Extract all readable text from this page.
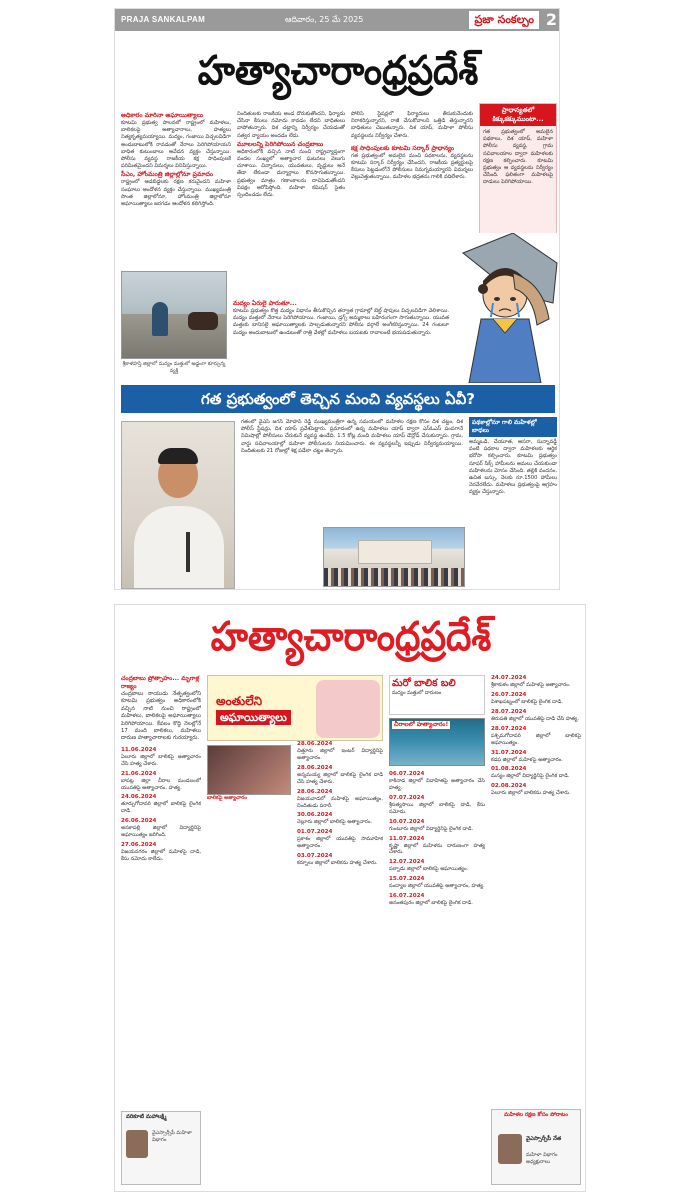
PRAJA SANKALPAM	ఆదివారం, 25 మే 2025	ప్రజా సంకల్పం 2
హత్యాచారాంధ్రప్రదేశ్
అధికారం మారినా అఘాయిత్యాలు

కూటమి ప్రభుత్వ పాలనలో రాష్ట్రంలో మహిళలు, బాలికలపై అత్యాచారాలు, హత్యలు నిత్యకృత్యమయ్యాయి. మద్యం, గంజాయి విచ్చలవిడిగా అందుబాటులోకి రావడంతో నేరాలు పెరిగిపోయాయని బాధిత కుటుంబాలు ఆవేదన వ్యక్తం చేస్తున్నాయి. పోలీసు వ్యవస్థ రాజకీయ కక్ష సాధింపులకే పరిమితమైందని విమర్శలు వినిపిస్తున్నాయి.

సీఎం, హోంమంత్రి జిల్లాల్లోనూ ప్రమాదం

రాష్ట్రంలో ఆడబిడ్డలకు రక్షణ కరువైందని మహిళా సంఘాలు ఆందోళన వ్యక్తం చేస్తున్నాయి. ముఖ్యమంత్రి సొంత జిల్లాలోనూ, హోంమంత్రి జిల్లాలోనూ అఘాయిత్యాలు జరగడం ఆందోళన కలిగిస్తోంది.

నిందితులకు రాజకీయ అండ దొరుకుతోందని, ఫిర్యాదు చేసినా కేసులు నమోదు కావడం లేదని బాధితులు వాపోతున్నారు. దిశ చట్టాన్ని నిర్వీర్యం చేయడంతో సత్వర న్యాయం అందడం లేదు.

మూలలన్ని పెరిగిపోయిన చంద్రబాబు

అధికారంలోకి వచ్చిన నాటి నుంచి రాష్ట్రవ్యాప్తంగా వందల సంఖ్యలో అత్యాచార ఘటనలు వెలుగు చూశాయి. చిన్నారులు, యువతులు, వృద్ధులు అనే తేడా లేకుండా దుర్మార్గాలు కొనసాగుతున్నాయి. ప్రభుత్వం మాత్రం గణాంకాలను దాచిపెడుతోందని విపక్షం ఆరోపిస్తోంది. మహిళా కమిషన్ సైతం స్పందించడం లేదు.

పోలీస్ స్టేషన్లలో ఫిర్యాదులు తీసుకునేందుకు నిరాకరిస్తున్నారని, రాజీ చేసుకోవాలని ఒత్తిడి తెస్తున్నారని బాధితులు చెబుతున్నారు. దిశ యాప్, మహిళా పోలీసు వ్యవస్థలను నిర్వీర్యం చేశారు.

కక్ష సాధింపులకు కూటమి సర్కార్ ప్రాధాన్యం

గత ప్రభుత్వంలో అమలైన మంచి పథకాలను, వ్యవస్థలను కూటమి సర్కార్ నిర్వీర్యం చేసిందని, రాజకీయ ప్రత్యర్థులపై కేసులు పెట్టడంలోనే పోలీసులు నిమగ్నమయ్యారని విమర్శలు వెల్లువెత్తుతున్నాయి. మహిళల భద్రతను గాలికి వదిలేశారు.

ప్రాధాన్యతలో కిక్కుకక్కుముంటా...
గత ప్రభుత్వంలో అమలైన పథకాలు, దిశ యాప్, మహిళా పోలీసు వ్యవస్థ, గ్రామ సచివాలయాల ద్వారా మహిళలకు రక్షణ కల్పించారు. కూటమి ప్రభుత్వం ఆ వ్యవస్థలను నిర్వీర్యం చేసింది. ఫలితంగా మహిళలపై దాడులు పెరిగిపోయాయి.
శ్రీకాళహస్తి జిల్లాలో మద్యం మత్తులో అడ్డంగా కూర్చున్న వ్యక్తి
మద్యం ఏరులై పారుతూ...

కూటమి ప్రభుత్వం కొత్త మద్యం విధానం తీసుకొచ్చిన తర్వాత గ్రామాల్లో బెల్ట్ షాపులు విచ్చలవిడిగా వెలిశాయి. మద్యం మత్తులో నేరాలు పెరిగిపోయాయి. గంజాయి, డ్రగ్స్ అమ్మకాలు బహిరంగంగా సాగుతున్నాయి. యువత మత్తుకు బానిసలై అఘాయిత్యాలకు పాల్పడుతున్నారని పోలీసు వర్గాలే అంగీకరిస్తున్నాయి. 24 గంటలూ మద్యం అందుబాటులో ఉండటంతో రాత్రి వేళల్లో మహిళలు బయటకు రావాలంటే భయపడుతున్నారు.

గత ప్రభుత్వంలో తెచ్చిన మంచి వ్యవస్థలు ఏవీ?
గతంలో వైఎస్ జగన్ మోహన్ రెడ్డి ముఖ్యమంత్రిగా ఉన్న సమయంలో మహిళల రక్షణ కోసం దిశ చట్టం, దిశ పోలీస్ స్టేషన్లు, దిశ యాప్ ప్రవేశపెట్టారు. ప్రమాదంలో ఉన్న మహిళలు యాప్ ద్వారా ఎస్ఓఎస్ పంపగానే నిమిషాల్లో పోలీసులు చేరుకునే వ్యవస్థ ఉండేది. 1.5 కోట్ల మంది మహిళలు యాప్ డౌన్లోడ్ చేసుకున్నారు. గ్రామ, వార్డు సచివాలయాల్లో మహిళా పోలీసులను నియమించారు. ఈ వ్యవస్థలన్నీ ఇప్పుడు నిర్వీర్యమయ్యాయి. నిందితులకు 21 రోజుల్లో శిక్ష పడేలా చట్టం తెచ్చారు.
పథకాల్లోనూ గాలి మహిళల్లో బాధలు
అమ్మఒడి, చేయూత, ఆసరా, సున్నావడ్డీ వంటి పథకాల ద్వారా మహిళలకు ఆర్థిక భరోసా కల్పించారు. కూటమి ప్రభుత్వం సూపర్ సిక్స్ హామీలను అమలు చేయకుండా మహిళలను మోసం చేసింది. తల్లికి వందనం, ఉచిత బస్సు, నెలకు రూ.1500 హామీలు నెరవేరలేదు. మహిళలు ప్రభుత్వంపై ఆగ్రహం వ్యక్తం చేస్తున్నారు.
హత్యాచారాంధ్రప్రదేశ్
చంద్రబాబు ప్రోత్సాహం... మృగాళ్ల రాజ్యం

చంద్రబాబు నాయుడు నేతృత్వంలోని కూటమి ప్రభుత్వం అధికారంలోకి వచ్చిన నాటి నుంచి రాష్ట్రంలో మహిళలు, బాలికలపై అఘాయిత్యాలు పెరిగిపోయాయి. కేవలం కొద్ది నెలల్లోనే 17 మంది బాలికలు, మహిళలు దారుణ హత్యాచారాలకు గురయ్యారు.

11.06.2024
ఏలూరు జిల్లాలో బాలికపై అత్యాచారం చేసి హత్య చేశారు.
21.06.2024
బాపట్ల జిల్లా చీరాల మండలంలో యువతిపై అత్యాచారం, హత్య.
24.06.2024
తూర్పుగోదావరి జిల్లాలో బాలికపై లైంగిక దాడి.
26.06.2024
అనకాపల్లి జిల్లాలో విద్యార్థినిపై అఘాయిత్యం జరిగింది.
27.06.2024
విజయనగరం జిల్లాలో మహిళపై దాడి, కేసు నమోదు కాలేదు.
అంతులేని
అఘాయిత్యాలు
బాలికపై అత్యాచారం
28.06.2024
చిత్తూరు జిల్లాలో ఇంటర్ విద్యార్థినిపై అత్యాచారం.
28.06.2024
అన్నమయ్య జిల్లాలో బాలికపై లైంగిక దాడి చేసి హత్య చేశారు.
28.06.2024
విజయవాడలో మహిళపై అఘాయిత్యం, నిందితుడు పరారీ.
30.06.2024
నెల్లూరు జిల్లాలో బాలికపై అత్యాచారం.
01.07.2024
ప్రకాశం జిల్లాలో యువతిపై సామూహిక అత్యాచారం.
03.07.2024
కర్నూలు జిల్లాలో బాలికను హత్య చేశారు.
మరో బాలిక బలి
మద్యం మత్తులో దారుణం
చీరాలలో హత్యాచారం!
06.07.2024
కాకినాడ జిల్లాలో వివాహితపై అత్యాచారం చేసి హత్య.
07.07.2024
శ్రీసత్యసాయి జిల్లాలో బాలికపై దాడి, కేసు నమోదు.
10.07.2024
గుంటూరు జిల్లాలో విద్యార్థినిపై లైంగిక దాడి.
11.07.2024
కృష్ణా జిల్లాలో మహిళను దారుణంగా హత్య చేశారు.
12.07.2024
పల్నాడు జిల్లాలో బాలికపై అఘాయిత్యం.
15.07.2024
నంద్యాల జిల్లాలో యువతిపై అత్యాచారం, హత్య.
16.07.2024
అనంతపురం జిల్లాలో బాలికపై లైంగిక దాడి.
24.07.2024
శ్రీకాకుళం జిల్లాలో మహిళపై అత్యాచారం.
26.07.2024
విశాఖపట్నంలో బాలికపై లైంగిక దాడి.
28.07.2024
తిరుపతి జిల్లాలో యువతిపై దాడి చేసి హత్య.
28.07.2024
పశ్చిమగోదావరి జిల్లాలో బాలికపై అఘాయిత్యం.
31.07.2024
కడప జిల్లాలో మహిళపై అత్యాచారం.
01.08.2024
మన్యం జిల్లాలో విద్యార్థినిపై లైంగిక దాడి.
02.08.2024
ఏలూరు జిల్లాలో బాలికను హత్య చేశారు.
వరికూటి మహాలక్ష్మి
వైఎస్సార్సీపీ మహిళా విభాగం
మహిళల రక్షణ కోసం పోరాటం
వైఎస్సార్సీపీ నేత
మహిళా విభాగం అధ్యక్షురాలు
